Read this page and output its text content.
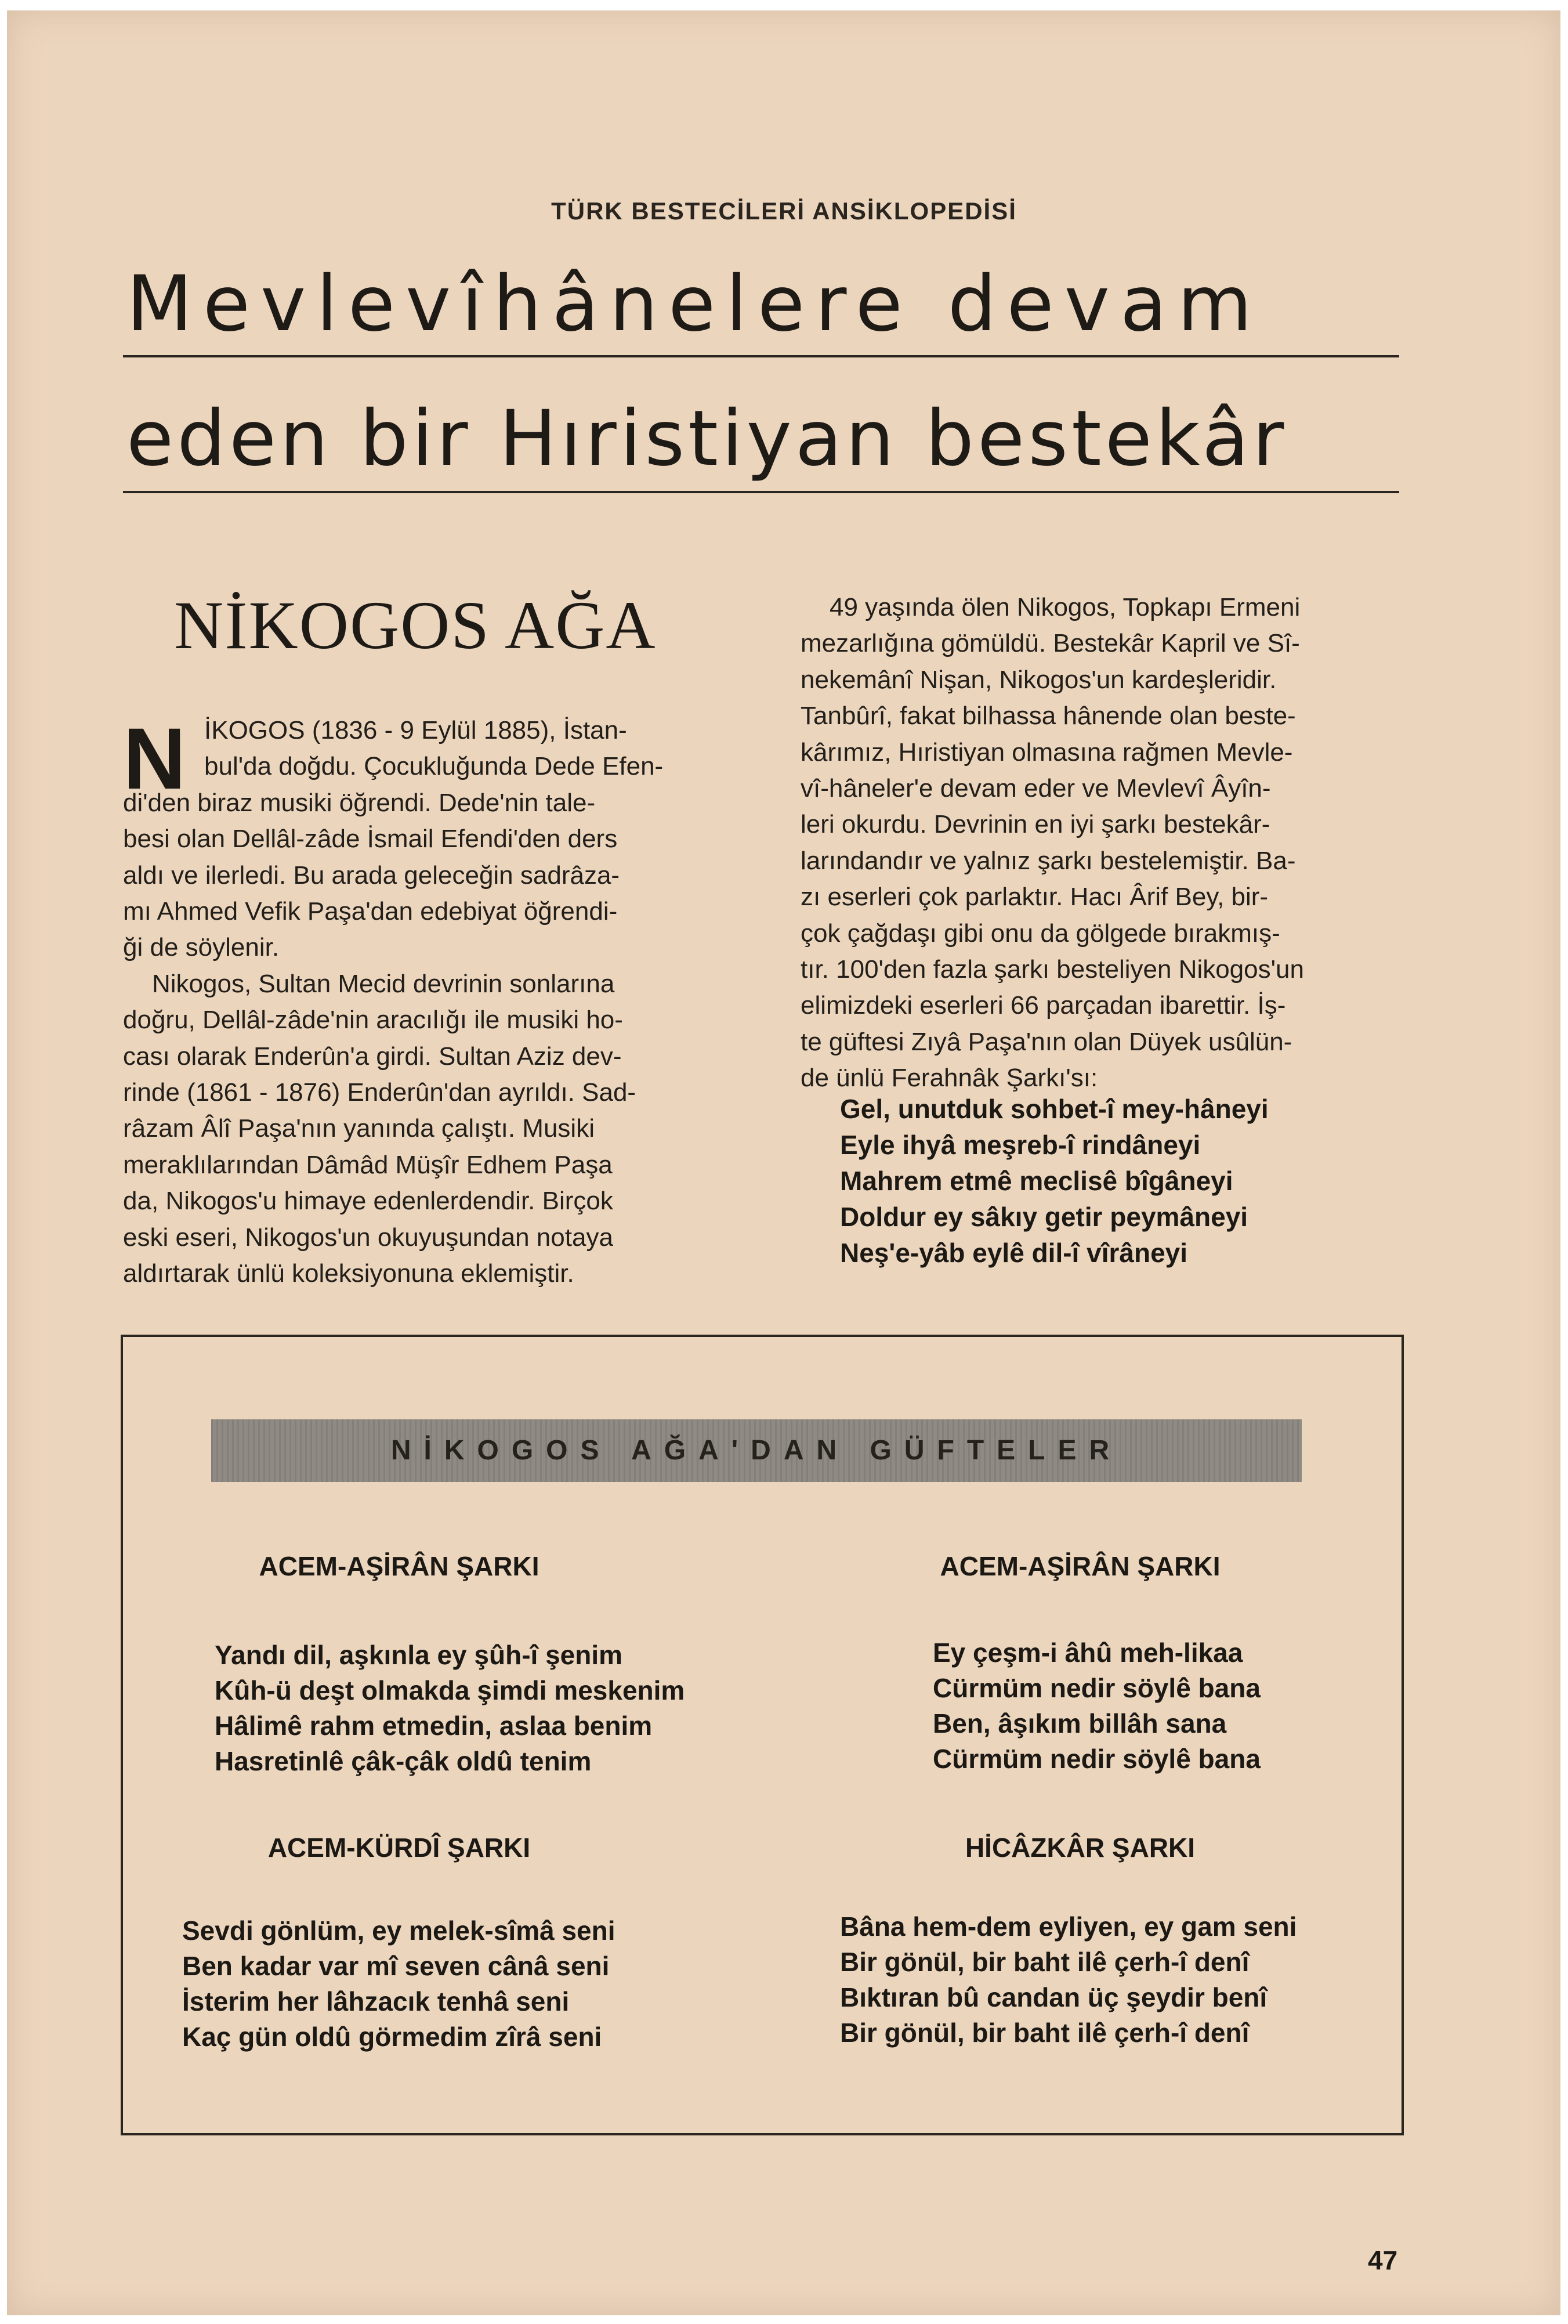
TÜRK BESTECİLERİ ANSİKLOPEDİSİ
Mevlevîhânelere devam
eden bir Hıristiyan bestekâr
NİKOGOS AĞA
N İKOGOS (1836 - 9 Eylül 1885), İstan-
bul'da doğdu. Çocukluğunda Dede Efen-
di'den biraz musiki öğrendi. Dede'nin tale-
besi olan Dellâl-zâde İsmail Efendi'den ders
aldı ve ilerledi. Bu arada geleceğin sadrâza-
mı Ahmed Vefik Paşa'dan edebiyat öğrendi-
ği de söylenir.
Nikogos, Sultan Mecid devrinin sonlarına
doğru, Dellâl-zâde'nin aracılığı ile musiki ho-
cası olarak Enderûn'a girdi. Sultan Aziz dev-
rinde (1861 - 1876) Enderûn'dan ayrıldı. Sad-
râzam Âlî Paşa'nın yanında çalıştı. Musiki
meraklılarından Dâmâd Müşîr Edhem Paşa
da, Nikogos'u himaye edenlerdendir. Birçok
eski eseri, Nikogos'un okuyuşundan notaya
aldırtarak ünlü koleksiyonuna eklemiştir.
49 yaşında ölen Nikogos, Topkapı Ermeni
mezarlığına gömüldü. Bestekâr Kapril ve Sî-
nekemânî Nişan, Nikogos'un kardeşleridir.
Tanbûrî, fakat bilhassa hânende olan beste-
kârımız, Hıristiyan olmasına rağmen Mevle-
vî-hâneler'e devam eder ve Mevlevî Âyîn-
leri okurdu. Devrinin en iyi şarkı bestekâr-
larındandır ve yalnız şarkı bestelemiştir. Ba-
zı eserleri çok parlaktır. Hacı Ârif Bey, bir-
çok çağdaşı gibi onu da gölgede bırakmış-
tır. 100'den fazla şarkı besteliyen Nikogos'un
elimizdeki eserleri 66 parçadan ibarettir. İş-
te güftesi Zıyâ Paşa'nın olan Düyek usûlün-
de ünlü Ferahnâk Şarkı'sı:
Gel, unutduk sohbet-î mey-hâneyi
Eyle ihyâ meşreb-î rindâneyi
Mahrem etmê meclisê bîgâneyi
Doldur ey sâkıy getir peymâneyi
Neş'e-yâb eylê dil-î vîrâneyi
NİKOGOS AĞA'DAN GÜFTELER
ACEM-AŞİRÂN ŞARKI
Yandı dil, aşkınla ey şûh-î şenim
Kûh-ü deşt olmakda şimdi meskenim
Hâlimê rahm etmedin, aslaa benim
Hasretinlê çâk-çâk oldû tenim
ACEM-AŞİRÂN ŞARKI
Ey çeşm-i âhû meh-likaa
Cürmüm nedir söylê bana
Ben, âşıkım billâh sana
Cürmüm nedir söylê bana
ACEM-KÜRDÎ ŞARKI
Sevdi gönlüm, ey melek-sîmâ seni
Ben kadar var mî seven cânâ seni
İsterim her lâhzacık tenhâ seni
Kaç gün oldû görmedim zîrâ seni
HİCÂZKÂR ŞARKI
Bâna hem-dem eyliyen, ey gam seni
Bir gönül, bir baht ilê çerh-î denî
Bıktıran bû candan üç şeydir benî
Bir gönül, bir baht ilê çerh-î denî
47
